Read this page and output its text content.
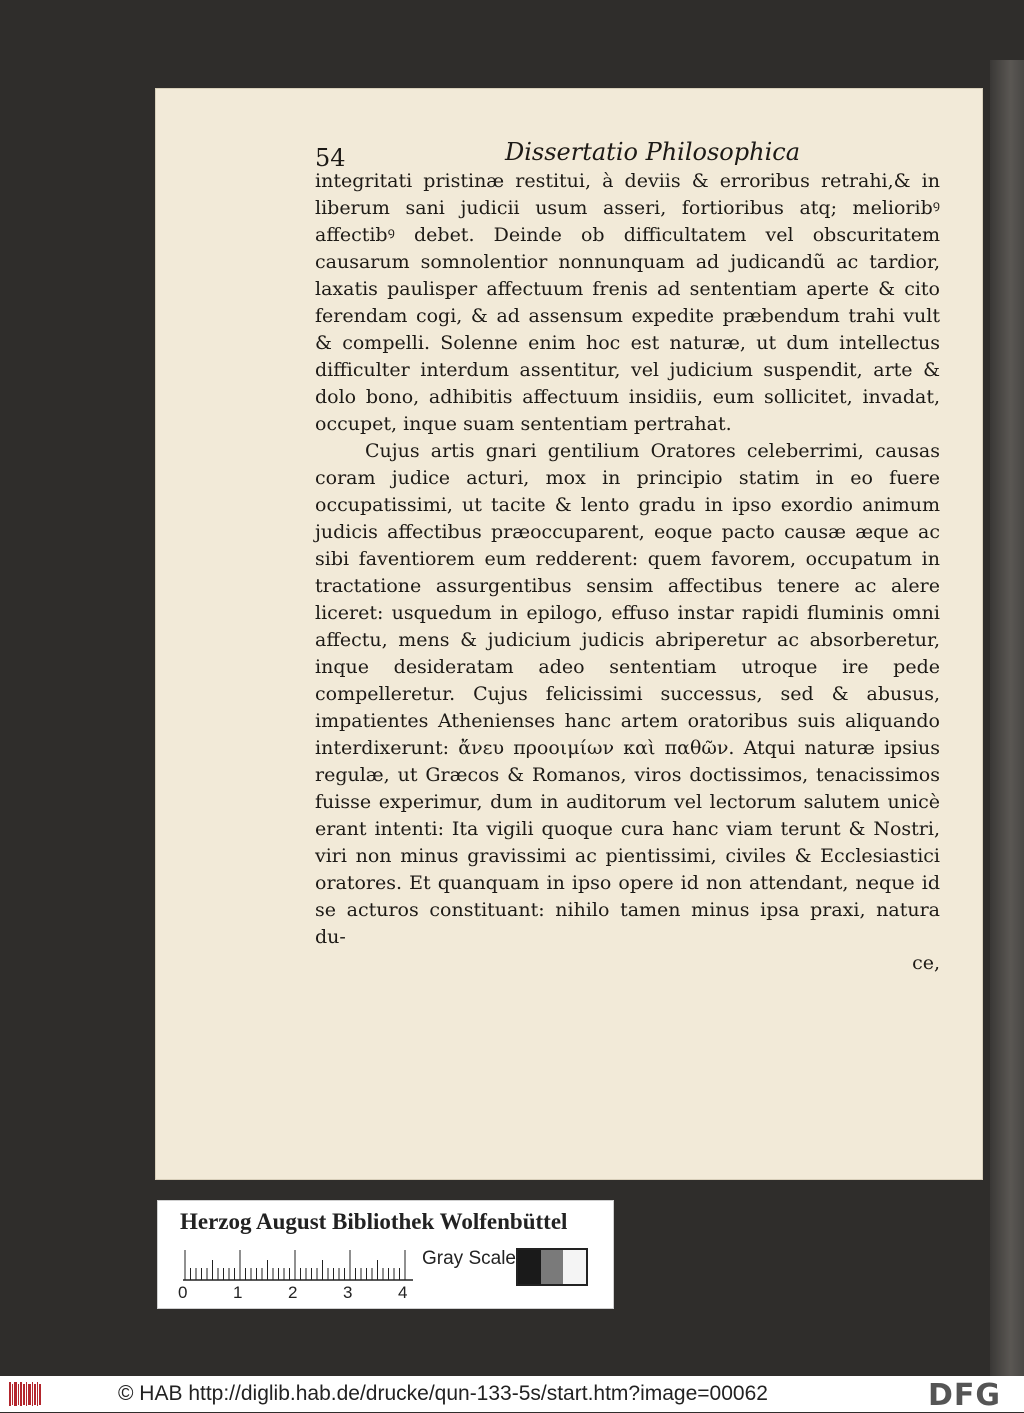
54	Dissertatio Philosophica

integritati pristinæ restitui, à deviis & erroribus retrahi,& in liberum sani judicii usum asseri, fortioribus atq; melioribꝰ affectibꝰ debet. Deinde ob difficultatem vel obscuritatem causarum somnolentior nonnunquam ad judicandũ ac tardior, laxatis paulisper affectuum frenis ad sententiam aperte & cito ferendam cogi, & ad assensum expedite præbendum trahi vult & compelli. Solenne enim hoc est naturæ, ut dum intellectus difficulter interdum assentitur, vel judicium suspendit, arte & dolo bono, adhibitis affectuum insidiis, eum sollicitet, invadat, occupet, inque suam sententiam pertrahat.

Cujus artis gnari gentilium Oratores celeberrimi, causas coram judice acturi, mox in principio statim in eo fuere occupatissimi, ut tacite & lento gradu in ipso exordio animum judicis affectibus præoccuparent, eoque pacto causæ æque ac sibi faventiorem eum redderent: quem favorem, occupatum in tractatione assurgentibus sensim affectibus tenere ac alere liceret: usquedum in epilogo, effuso instar rapidi fluminis omni affectu, mens & judicium judicis abriperetur ac absorberetur, inque desideratam adeo sententiam utroque ire pede compelleretur. Cujus felicissimi successus, sed & abusus, impatientes Athenienses hanc artem oratoribus suis aliquando interdixerunt: ἄνευ προοιμίων καὶ παθῶν. Atqui naturæ ipsius regulæ, ut Græcos & Romanos, viros doctissimos, tenacissimos fuisse experimur, dum in auditorum vel lectorum salutem unicè erant intenti: Ita vigili quoque cura hanc viam terunt & Nostri, viri non minus gravissimi ac pientissimi, civiles & Ecclesiastici oratores. Et quanquam in ipso opere id non attendant, neque id se acturos constituant: nihilo tamen minus ipsa praxi, natura du-

ce,
Herzog August Bibliothek Wolfenbüttel
0	1	2	3	4
Gray Scale
© HAB http://diglib.hab.de/drucke/qun-133-5s/start.htm?image=00062	DFG
